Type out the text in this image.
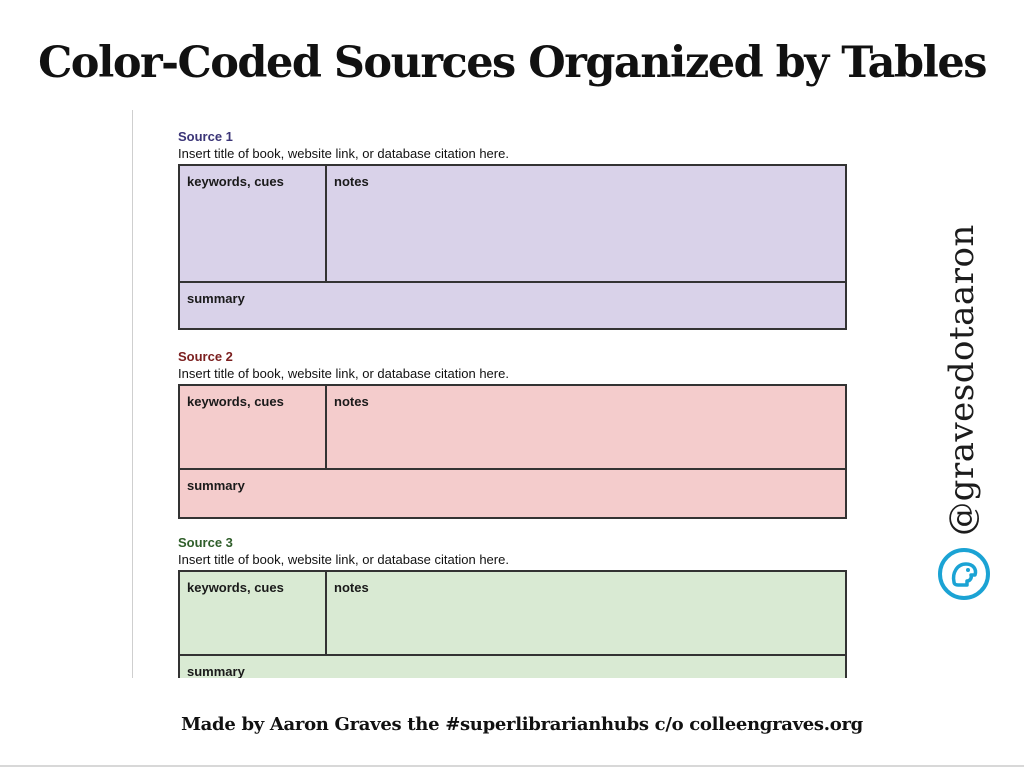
Color-Coded Sources Organized by Tables
Source 1
Insert title of book, website link, or database citation here.
keywords, cues	notes
summary
Source 2
Insert title of book, website link, or database citation here.
keywords, cues	notes
summary
Source 3
Insert title of book, website link, or database citation here.
keywords, cues	notes
summary
@gravesdotaaron
Made by Aaron Graves the #superlibrarianhubs c/o colleengraves.org
